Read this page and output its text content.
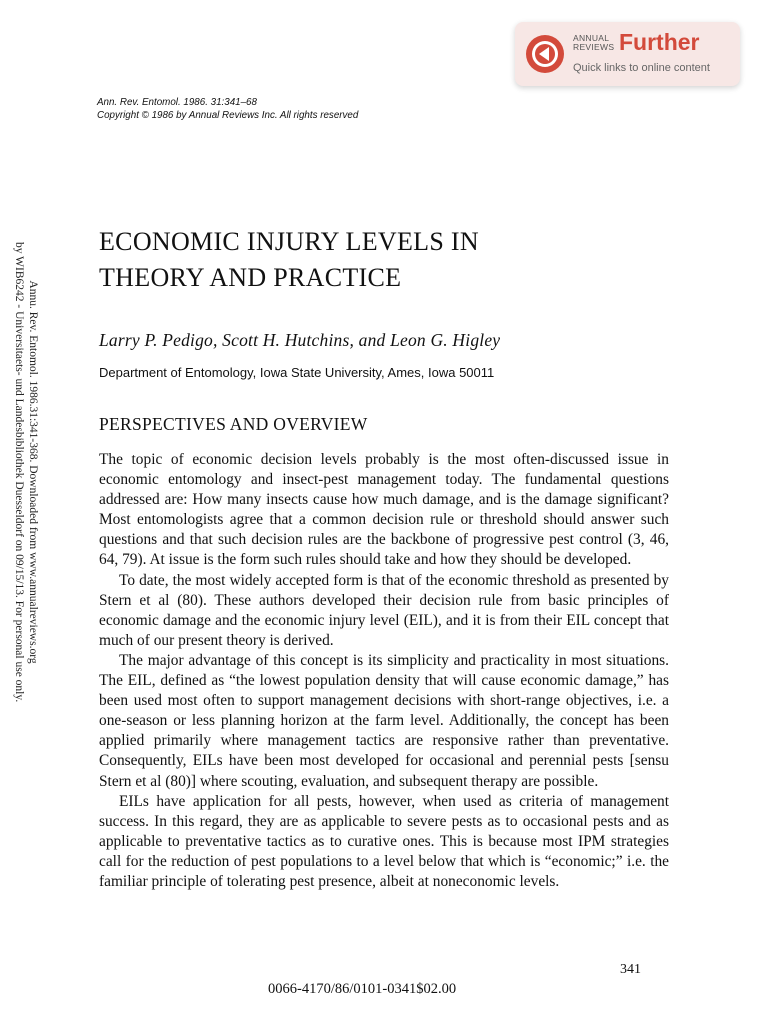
Annu. Rev. Entomol. 1986.31:341-368. Downloaded from www.annualreviews.org
by WIB6242 - Universitaets- und Landesbibliothek Duesseldorf on 09/15/13. For personal use only.
ANNUAL
REVIEWS Further
Quick links to online content
Ann. Rev. Entomol. 1986. 31:341–68
Copyright © 1986 by Annual Reviews Inc. All rights reserved
ECONOMIC INJURY LEVELS IN
THEORY AND PRACTICE
Larry P. Pedigo, Scott H. Hutchins, and Leon G. Higley
Department of Entomology, Iowa State University, Ames, Iowa 50011
PERSPECTIVES AND OVERVIEW

The topic of economic decision levels probably is the most often-discussed issue in economic entomology and insect-pest management today. The fundamental questions addressed are: How many insects cause how much damage, and is the damage significant? Most entomologists agree that a common decision rule or threshold should answer such questions and that such decision rules are the backbone of progressive pest control (3, 46, 64, 79). At issue is the form such rules should take and how they should be developed.

To date, the most widely accepted form is that of the economic threshold as presented by Stern et al (80). These authors developed their decision rule from basic principles of economic damage and the economic injury level (EIL), and it is from their EIL concept that much of our present theory is derived.

The major advantage of this concept is its simplicity and practicality in most situations. The EIL, defined as “the lowest population density that will cause economic damage,” has been used most often to support management decisions with short-range objectives, i.e. a one-season or less planning horizon at the farm level. Additionally, the concept has been applied primarily where management tactics are responsive rather than preventative. Consequently, EILs have been most developed for occasional and perennial pests [sensu Stern et al (80)] where scouting, evaluation, and subsequent therapy are possible.

EILs have application for all pests, however, when used as criteria of management success. In this regard, they are as applicable to severe pests as to occasional pests and as applicable to preventative tactics as to curative ones. This is because most IPM strategies call for the reduction of pest populations to a level below that which is “economic;” i.e. the familiar principle of tolerating pest presence, albeit at noneconomic levels.

341
0066-4170/86/0101-0341$02.00
